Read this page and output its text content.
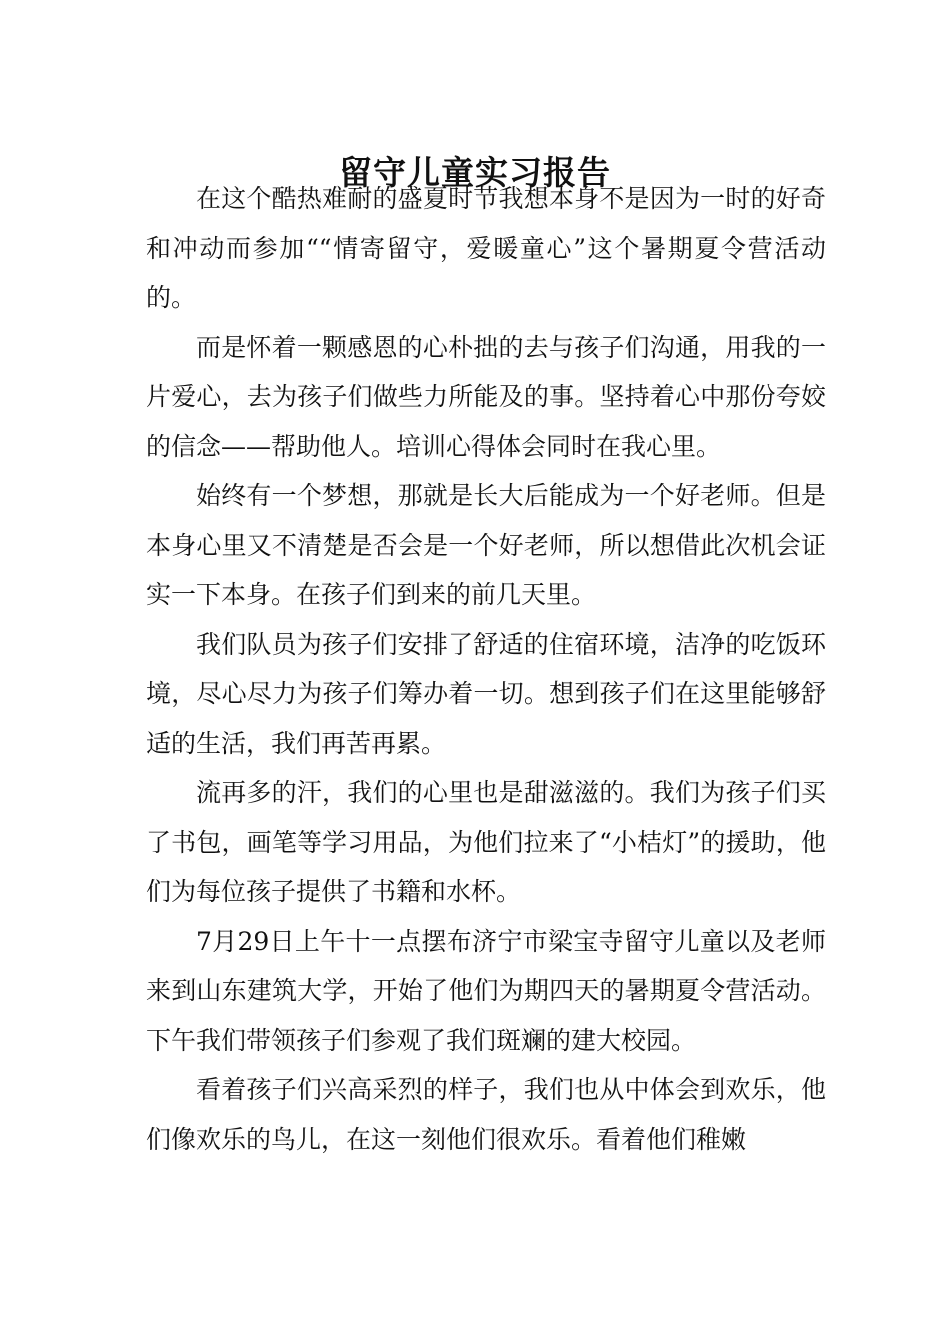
留守儿童实习报告

在这个酷热难耐的盛夏时节我想本身不是因为一时的好奇和冲动而参加““情寄留守，爱暖童心”这个暑期夏令营活动的。

而是怀着一颗感恩的心朴拙的去与孩子们沟通，用我的一片爱心，去为孩子们做些力所能及的事。坚持着心中那份夸姣的信念——帮助他人。培训心得体会同时在我心里。

始终有一个梦想，那就是长大后能成为一个好老师。但是本身心里又不清楚是否会是一个好老师，所以想借此次机会证实一下本身。在孩子们到来的前几天里。

我们队员为孩子们安排了舒适的住宿环境，洁净的吃饭环境，尽心尽力为孩子们筹办着一切。想到孩子们在这里能够舒适的生活，我们再苦再累。

流再多的汗，我们的心里也是甜滋滋的。我们为孩子们买了书包，画笔等学习用品，为他们拉来了“小桔灯”的援助，他们为每位孩子提供了书籍和水杯。

7月29日上午十一点摆布济宁市梁宝寺留守儿童以及老师来到山东建筑大学，开始了他们为期四天的暑期夏令营活动。下午我们带领孩子们参观了我们斑斓的建大校园。

看着孩子们兴高采烈的样子，我们也从中体会到欢乐，他们像欢乐的鸟儿，在这一刻他们很欢乐。看着他们稚嫩
